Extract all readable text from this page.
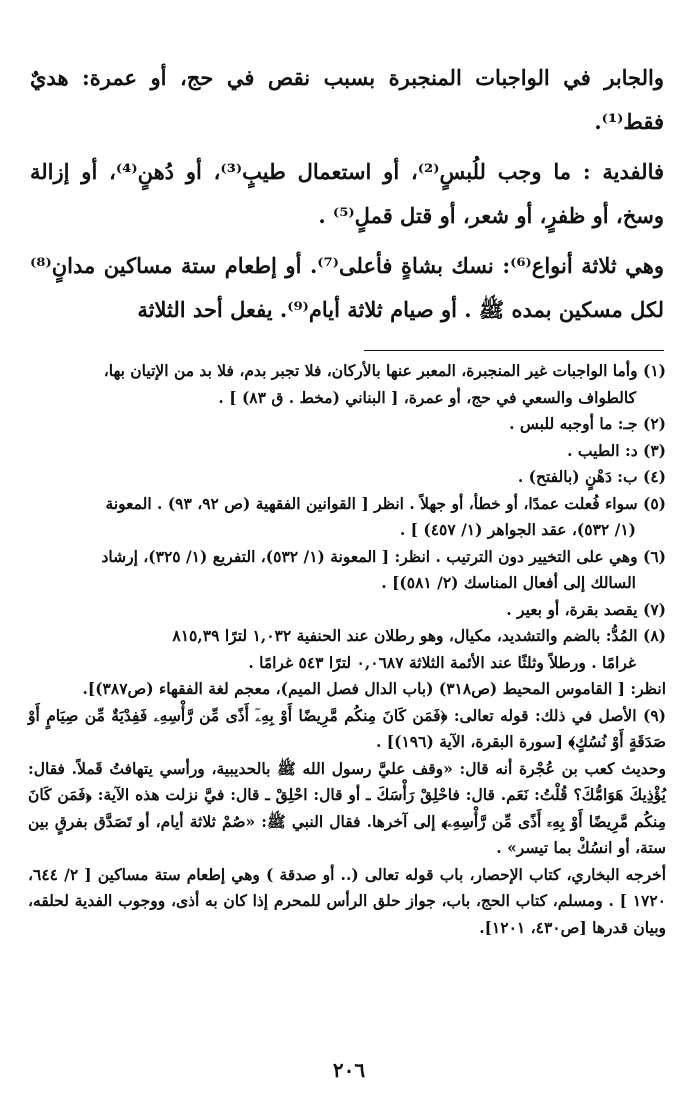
والجابر في الواجبات المنجبرة بسبب نقص في حج، أو عمرة: هديٌ فقط⁽¹⁾.

فالفدية : ما وجب للُبسٍ⁽²⁾، أو استعمال طيبٍ⁽³⁾، أو دُهنٍ⁽⁴⁾، أو إزالة وسخ، أو ظفرٍ، أو شعر، أو قتل قملٍ⁽⁵⁾ .

وهي ثلاثة أنواع⁽⁶⁾: نسك بشاةٍ فأعلى⁽⁷⁾. أو إطعام ستة مساكين مدانٍ⁽⁸⁾ لكل مسكين بمده ﷺ . أو صيام ثلاثة أيام⁽⁹⁾. يفعل أحد الثلاثة

(١) وأما الواجبات غير المنجبرة، المعبر عنها بالأركان، فلا تجبر بدم، فلا بد من الإتيان بها،

كالطواف والسعي في حج، أو عمرة، [ البناني (مخط . ق ٨٣) ] .

(٢) جـ: ما أوجبه للبس .

(٣) د: الطيب .

(٤) ب: دَهْنٍ (بالفتح) .

(٥) سواء فُعلت عمدًا، أو خطأ، أو جهلاً . انظر [ القوانين الفقهية (ص ٩٢، ٩٣) . المعونة

(١/ ٥٣٢)، عقد الجواهر (١/ ٤٥٧) ] .

(٦) وهي على التخيير دون الترتيب . انظر: [ المعونة (١/ ٥٣٢)، التفريع (١/ ٣٢٥)، إرشاد

السالك إلى أفعال المناسك (٢/ ٥٨١)] .

(٧) يقصد بقرة، أو بعير .

(٨) المُدُّ: بالضم والتشديد، مكيال، وهو رطلان عند الحنفية ١,٠٣٢ لترًا ٨١٥,٣٩

غرامًا . ورطلاً وثلثًا عند الأئمة الثلاثة ٠,٠٦٨٧ لترًا ٥٤٣ غرامًا .

انظر: [ القاموس المحيط (ص٣١٨) (باب الدال فصل الميم)، معجم لغة الفقهاء (ص٣٨٧)].

(٩) الأصل في ذلك: قوله تعالى: ﴿فَمَن كَانَ مِنكُم مَّرِيضًا أَوْ بِهِۦٓ أَذًى مِّن رَّأْسِهِۦ فَفِدْيَةٌ مِّن صِيَامٍ أَوْ صَدَقَةٍ أَوْ نُسُكٍ﴾ [سورة البقرة، الآية (١٩٦)] .

وحديث كعب بن عُجْرة أنه قال: «وقف عليَّ رسول الله ﷺ بالحديبية، ورأسي يتهافتُ قَملاً. فقال: يُؤْذِيكَ هَوَامُّكَ؟ قُلْتُ: نَعَم. قال: فاحْلِقْ رَأْسَكَ ـ أو قال: احْلِقْ ـ قال: فيَّ نزلت هذه الآية: ﴿فَمَن كَانَ مِنكُم مَّرِيضًا أَوْ بِهِۦٓ أَذًى مِّن رَّأْسِهِۦ﴾ إلى آخرها. فقال النبي ﷺ: «صُمْ ثلاثة أيام، أو تَصَدَّق بفرقٍ بين ستة، أو انسُكْ بما تيسر» .

أخرجه البخاري، كتاب الإحصار، باب قوله تعالى (.. أو صدقة ) وهي إطعام ستة مساكين [ ٢/ ٦٤٤، ١٧٢٠ ] . ومسلم، كتاب الحج، باب، جواز حلق الرأس للمحرم إذا كان به أذى، ووجوب الفدية لحلقه، وبيان قدرها [ص٤٣٠، ١٢٠١].

٢٠٦
